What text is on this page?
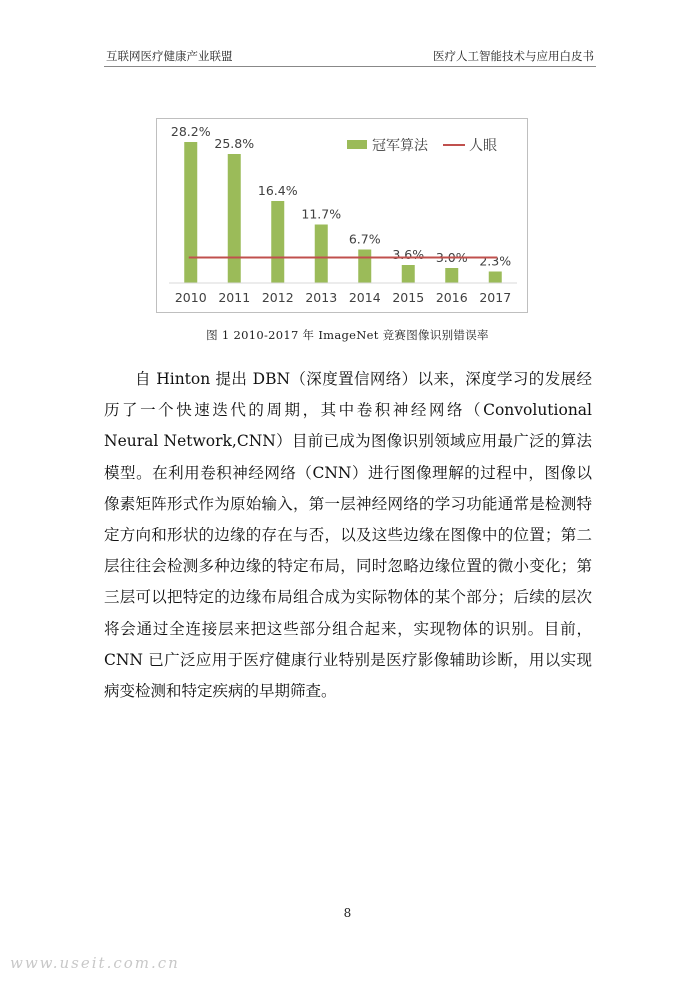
互联网医疗健康产业联盟	医疗人工智能技术与应用白皮书
28.2%
25.8%
16.4%
11.7%
6.7%
3.6% 3.0% 2.3%
2010 2011 2012 2013 2014 2015 2016 2017
冠军算法	人眼
图 1 2010-2017 年 ImageNet 竞赛图像识别错误率

自 Hinton 提出 DBN（深度置信网络）以来，深度学习的发展经历了一个快速迭代的周期，其中卷积神经网络（Convolutional Neural Network,CNN）目前已成为图像识别领域应用最广泛的算法模型。在利用卷积神经网络（CNN）进行图像理解的过程中，图像以像素矩阵形式作为原始输入，第一层神经网络的学习功能通常是检测特定方向和形状的边缘的存在与否，以及这些边缘在图像中的位置；第二层往往会检测多种边缘的特定布局，同时忽略边缘位置的微小变化；第三层可以把特定的边缘布局组合成为实际物体的某个部分；后续的层次将会通过全连接层来把这些部分组合起来，实现物体的识别。目前，CNN 已广泛应用于医疗健康行业特别是医疗影像辅助诊断，用以实现病变检测和特定疾病的早期筛查。

8
www.useit.com.cn
